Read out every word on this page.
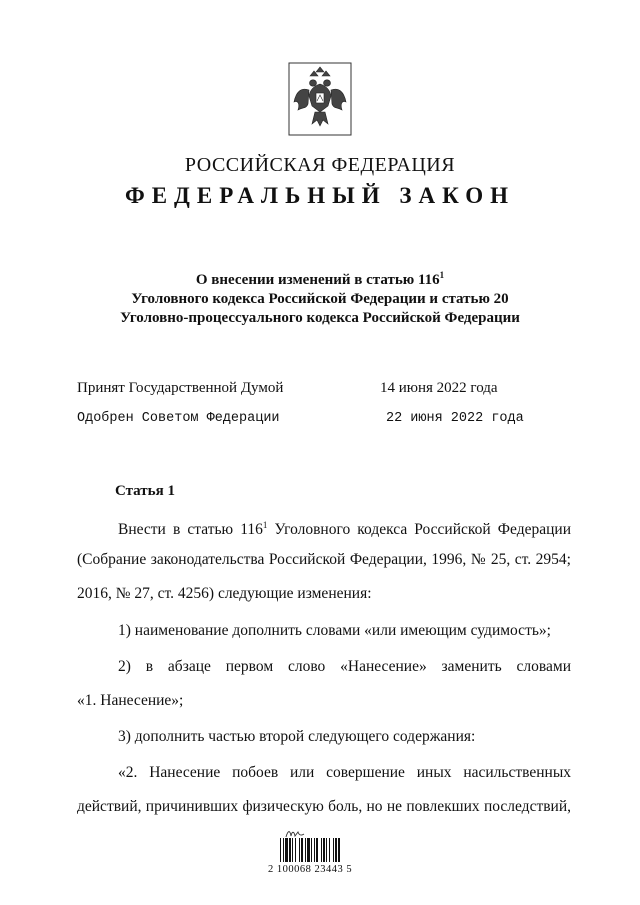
РОССИЙСКАЯ ФЕДЕРАЦИЯ
ФЕДЕРАЛЬНЫЙ ЗАКОН
О внесении изменений в статью $116^1$
Уголовного кодекса Российской Федерации и статью 20
Уголовно-процессуального кодекса Российской Федерации
Принят Государственной Думой	14 июня 2022 года
Одобрен Советом Федерации	22 июня 2022 года
Статья 1
Внести в статью $116^1$ Уголовного кодекса Российской Федерации
(Собрание законодательства Российской Федерации, 1996, № 25, ст. 2954;
2016, № 27, ст. 4256) следующие изменения:
1) наименование дополнить словами «или имеющим судимость»;
2) в абзаце первом слово «Нанесение» заменить словами
«1. Нанесение»;
3) дополнить частью второй следующего содержания:
«2. Нанесение побоев или совершение иных насильственных
действий, причинивших физическую боль, но не повлекших последствий,
2 100068 23443 5
